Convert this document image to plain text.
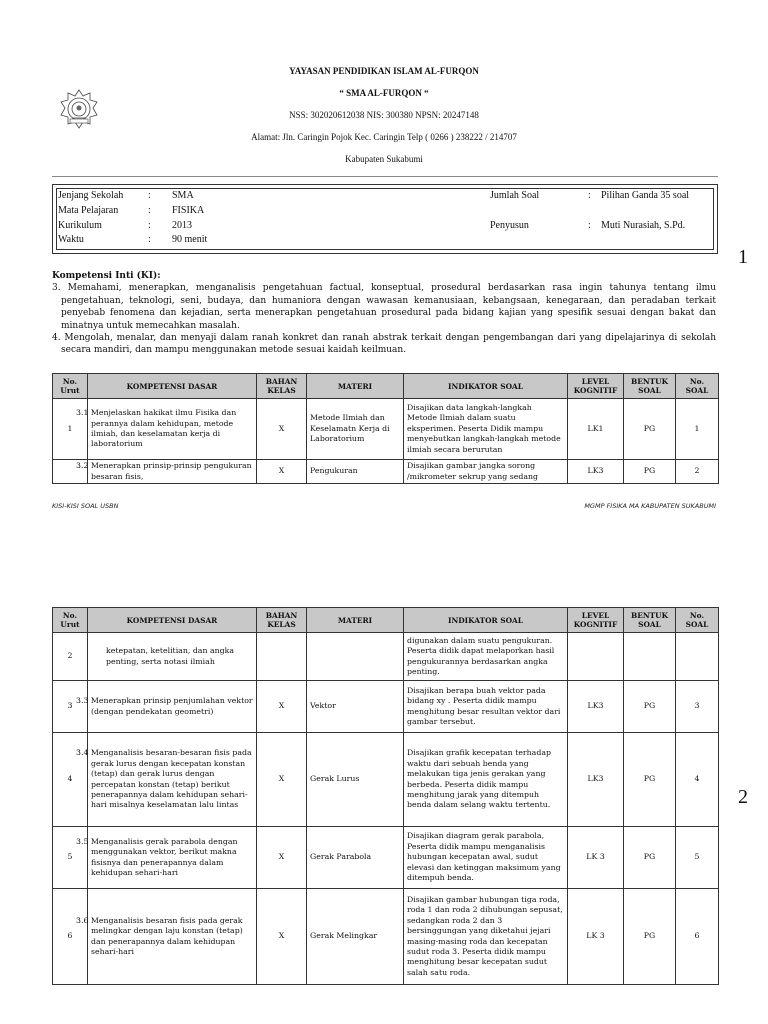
YAYASAN PENDIDIKAN ISLAM AL-FURQON
“ SMA AL-FURQON “
NSS: 302020612038 NIS: 300380 NPSN: 20247148
Alamat: Jln. Caringin Pojok Kec. Caringin Telp ( 0266 ) 238222 / 214707
Kabupaten Sukabumi
Jenjang Sekolah : SMA
Mata Pelajaran	: FISIKA
Kurikulum	: 2013
Waktu	: 90 menit
Jumlah Soal	: Pilihan Ganda 35 soal
Penyusun	: Muti Nurasiah, S.Pd.
Kompetensi Inti (KI):
3. Memahami, menerapkan, menganalisis pengetahuan factual, konseptual, prosedural berdasarkan rasa ingin tahunya tentang ilmu pengetahuan, teknologi, seni, budaya, dan humaniora dengan wawasan kemanusiaan, kebangsaan, kenegaraan, dan peradaban terkait penyebab fenomena dan kejadian, serta menerapkan pengetahuan prosedural pada bidang kajian yang spesifik sesuai dengan bakat dan minatnya untuk memecahkan masalah.
4. Mengolah, menalar, dan menyaji dalam ranah konkret dan ranah abstrak terkait dengan pengembangan dari yang dipelajarinya di sekolah secara mandiri, dan mampu menggunakan metode sesuai kaidah keilmuan.
No. Urut	KOMPETENSI DASAR	BAHAN KELAS	MATERI	INDIKATOR SOAL	LEVEL KOGNITIF	BENTUK SOAL	No. SOAL
1	3.1 Menjelaskan hakikat ilmu Fisika dan perannya dalam kehidupan, metode ilmiah, dan keselamatan kerja di laboratorium	X	Metode Ilmiah dan Keselamatn Kerja di Laboratorium	Disajikan data langkah-langkah Metode Ilmiah dalam suatu eksperimen. Peserta Didik mampu menyebutkan langkah-langkah metode ilmiah secara berurutan	LK1	PG	1
	3.2 Menerapkan prinsip-prinsip pengukuran besaran fisis,	X	Pengukuran	Disajikan gambar jangka sorong /mikrometer sekrup yang sedang	LK3	PG	2
KISI-KISI SOAL USBN	MGMP FISIKA MA KABUPATEN SUKABUMI
1
No. Urut	KOMPETENSI DASAR	BAHAN KELAS	MATERI	INDIKATOR SOAL	LEVEL KOGNITIF	BENTUK SOAL	No. SOAL
2	ketepatan, ketelitian, dan angka penting, serta notasi ilmiah			digunakan dalam suatu pengukuran. Peserta didik dapat melaporkan hasil pengukurannya berdasarkan angka penting.			
3	3.3 Menerapkan prinsip penjumlahan vektor (dengan pendekatan geometri)	X	Vektor	Disajikan berapa buah vektor pada bidang xy . Peserta didik mampu menghitung besar resultan vektor dari gambar tersebut.	LK3	PG	3
4	3.4 Menganalisis besaran-besaran fisis pada gerak lurus dengan kecepatan konstan (tetap) dan gerak lurus dengan percepatan konstan (tetap) berikut penerapannya dalam kehidupan sehari-hari misalnya keselamatan lalu lintas	X	Gerak Lurus	Disajikan grafik kecepatan terhadap waktu dari sebuah benda yang melakukan tiga jenis gerakan yang berbeda. Peserta didik mampu menghitung jarak yang ditempuh benda dalam selang waktu tertentu.	LK3	PG	4
5	3.5 Menganalisis gerak parabola dengan menggunakan vektor, berikut makna fisisnya dan penerapannya dalam kehidupan sehari-hari	X	Gerak Parabola	Disajikan diagram gerak parabola, Peserta didik mampu menganalisis hubungan kecepatan awal, sudut elevasi dan ketinggan maksimum yang ditempuh benda.	LK 3	PG	5
6	3.6 Menganalisis besaran fisis pada gerak melingkar dengan laju konstan (tetap) dan penerapannya dalam kehidupan sehari-hari	X	Gerak Melingkar	Disajikan gambar hubungan tiga roda, roda 1 dan roda 2 dihubungan sepusat, sedangkan roda 2 dan 3 bersinggungan yang diketahui jejari masing-masing roda dan kecepatan sudut roda 3. Peserta didik mampu menghitung besar kecepatan sudut salah satu roda.	LK 3	PG	6
2
